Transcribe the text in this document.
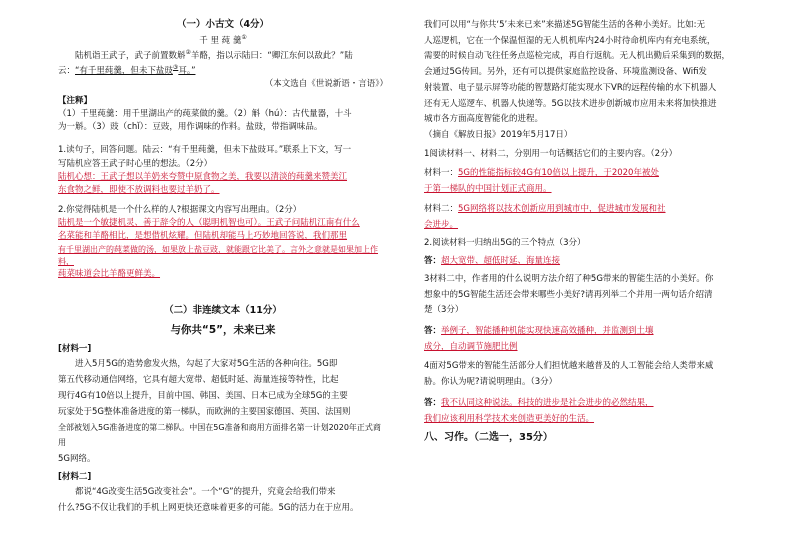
（一）小古文（4分）

千 里 莼 羹①

陆机诣王武子，武子前置数斛②羊酪，指以示陆曰：“卿江东何以敌此？”陆

云：“有千里莼羹，但未下盐豉③耳。”

（本文选自《世说新语・言语》）

【注释】

（1）千里莼羹：用千里湖出产的莼菜做的羹。（2）斛（hú）：古代量器，十斗

为一斛。（3）豉（chǐ）：豆豉，用作调味的作料。盐豉，带指调味品。

1.读句子，回答问题。陆云：“有千里莼羹，但未下盐豉耳。”联系上下文，写一

写陆机应答王武子时心里的想法。（2分）

陆机心想：王武子想以羊奶来夸赞中原食物之美，我要以清淡的莼羹来赞美江

东食物之鲜，即使不放调料也要过羊奶了。

2.你觉得陆机是一个什么样的人?根据课文内容写出理由。（2分）

陆机是一个敏捷机灵、善于辞令的人（聪明机智也可）。王武子问陆机江南有什么

名菜能和羊酪相比，是想借机炫耀。但陆机却能马上巧妙地回答说，我们那里

有千里湖出产的莼菜做的汤，如果放上盐豆豉，就能跟它比美了。言外之意就是如果加上作料，

莼菜味道会比羊酪更鲜美。

（二）非连续文本（11分）

与你共“5”，未来已来

[材料一]

进入5月5G的造势愈发火热，勾起了大家对5G生活的各种向往。5G即

第五代移动通信网络，它具有超大宽带、超低时延、海量连接等特性，比起

现行4G有10倍以上提升，目前中国、韩国、美国、日本已成为全球5G的主要

玩家处于5G整体准备进度的第一梯队，而欧洲的主要国家德国、英国、法国则

全部被划入5G准备进度的第二梯队。中国在5G准备和商用方面排名第一计划2020年正式商用

5G网络。

[材料二]

都说“4G改变生活5G改变社会”。一个“G”的提升，究竟会给我们带来

什么?5G不仅让我们的手机上网更快还意味着更多的可能。5G的活力在于应用。

我们可以用“与你共‘5’未来已来”来描述5G智能生活的各种小美好。比如:无

人巡逻机，它在一个保温恒湿的无人机机库内24小时待命机库内有充电系统，

需要的时候自动飞往任务点巡检完成，再自行返航。无人机出勤后采集到的数据，

会通过5G传回。另外，还有可以提供家庭监控设备、环境监测设备、Wifi发

射装置、电子显示屏等功能的智慧路灯能实现水下VR的远程传输的水下机器人

还有无人巡逻车、机器人快递等。5G以技术进步创新城市应用未来将加快推进

城市各方面高度智能化的进程。

（摘自《解放日报》2019年5月17日）

1阅读材料一、材料二，分别用一句话概括它们的主要内容。（2分）

材料一：5G的性能指标较4G有10倍以上提升，于2020年被处

于第一梯队的中国计划正式商用。

材料二：5G网络将以技术创新应用到城市中，促进城市发展和社

会进步。

2.阅读材料一归纳出5G的三个特点（3分）

答：超大宽带、超低时延、海量连接

3材料二中，作者用的什么说明方法介绍了种5G带来的智能生活的小美好。你

想象中的5G智能生活还会带来哪些小美好?请再列举二个并用一两句话介绍清

楚（3分）

答：举例子，智能播种机能实现快速高效播种，并监测到土壤

成分，自动调节施肥比例

4面对5G带来的智能生活部分人们担忧越来越普及的人工智能会给人类带来威

胁。你认为呢?请说明理由。（3分）

答：我不认同这种说法。科技的进步是社会进步的必然结果，

我们应该利用科学技术来创造更美好的生活。

八、习作。（二选一，35分）
